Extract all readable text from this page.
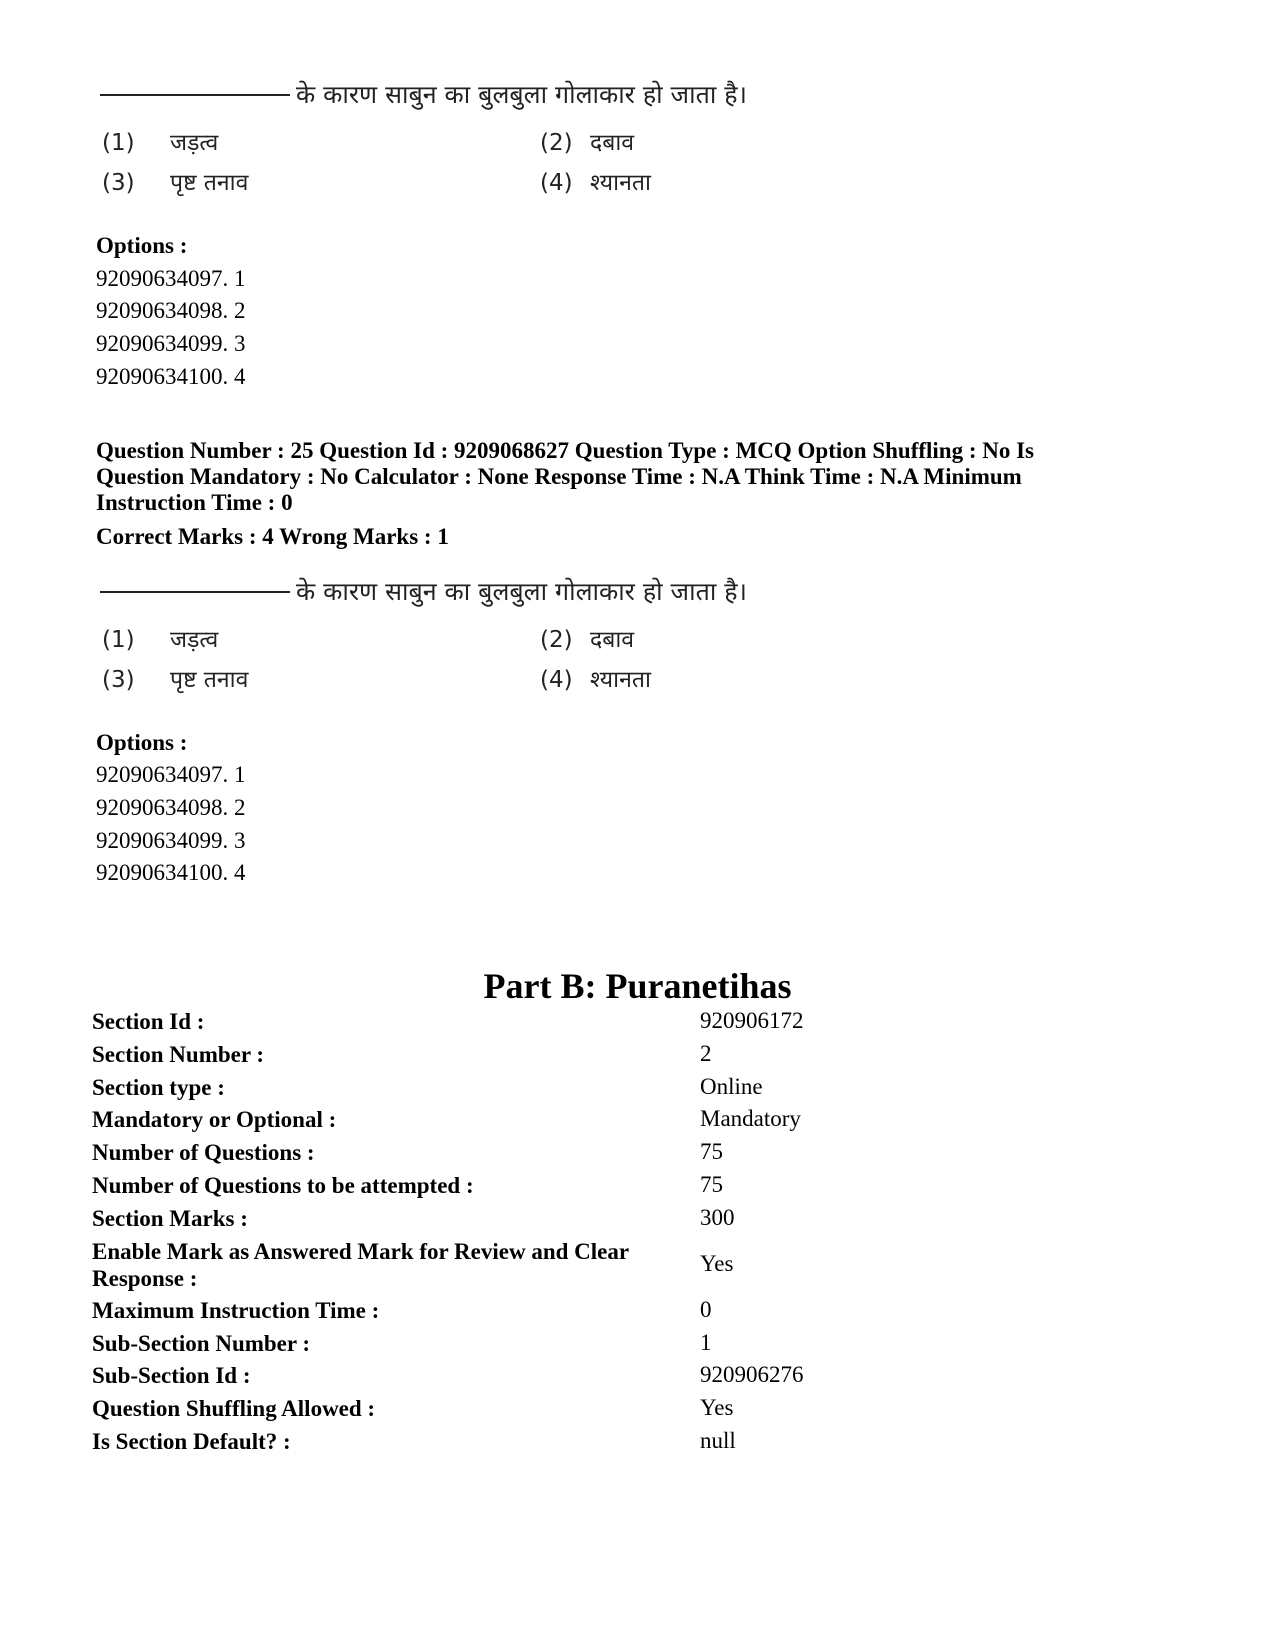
के कारण साबुन का बुलबुला गोलाकार हो जाता है।
(1) जड़त्व	(2) दबाव
(3) पृष्ट तनाव	(4) श्यानता
Options :
92090634097. 1
92090634098. 2
92090634099. 3
92090634100. 4
Question Number : 25 Question Id : 9209068627 Question Type : MCQ Option Shuffling : No Is Question Mandatory : No Calculator : None Response Time : N.A Think Time : N.A Minimum Instruction Time : 0
Correct Marks : 4 Wrong Marks : 1
के कारण साबुन का बुलबुला गोलाकार हो जाता है।
(1) जड़त्व	(2) दबाव
(3) पृष्ट तनाव	(4) श्यानता
Options :
92090634097. 1
92090634098. 2
92090634099. 3
92090634100. 4
Part B: Puranetihas
Section Id :	920906172
Section Number :	2
Section type :	Online
Mandatory or Optional :	Mandatory
Number of Questions :	75
Number of Questions to be attempted :	75
Section Marks :	300
Enable Mark as Answered Mark for Review and Clear Response :
Yes
Maximum Instruction Time :	0
Sub-Section Number :	1
Sub-Section Id :	920906276
Question Shuffling Allowed :	Yes
Is Section Default? :	null
